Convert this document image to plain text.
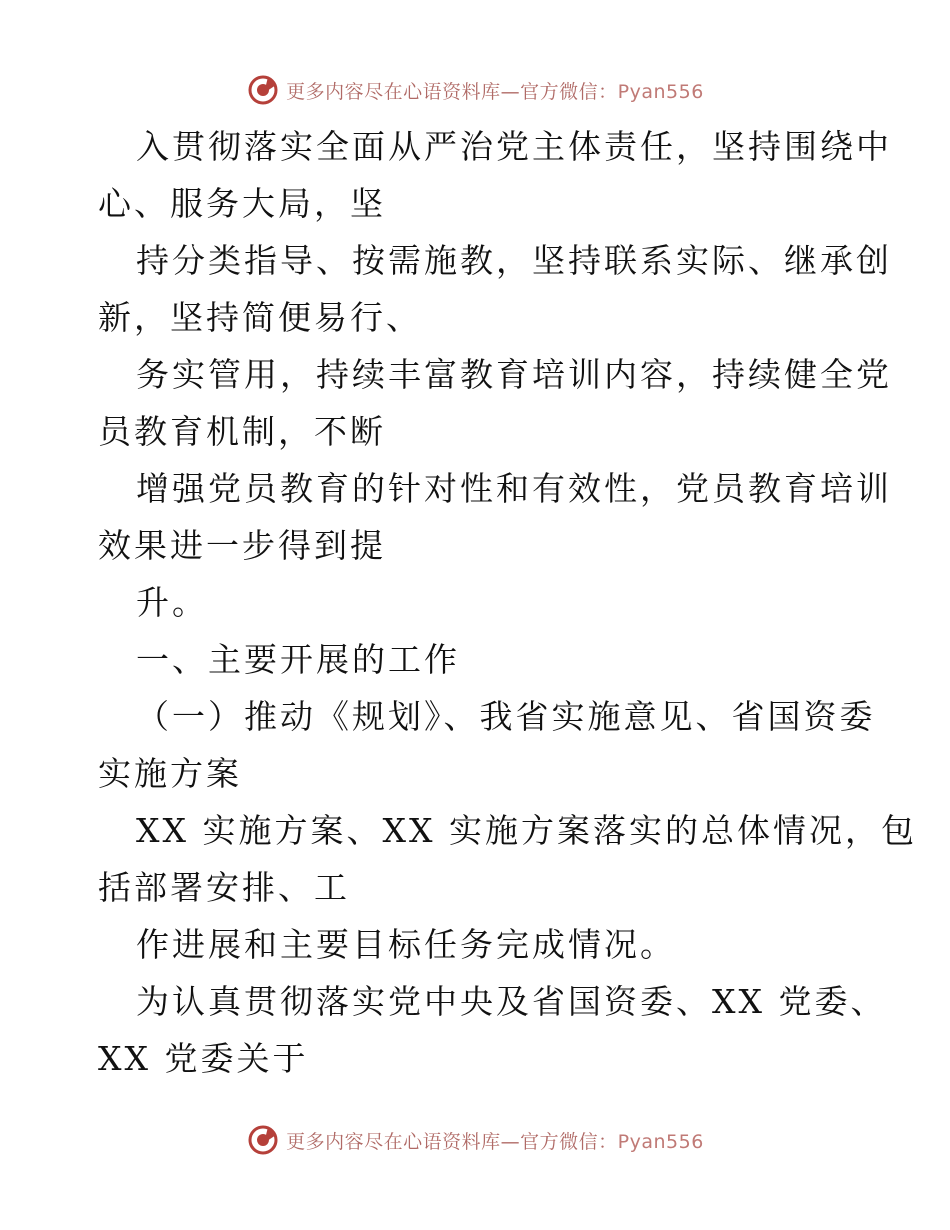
更多内容尽在心语资料库—官方微信：Pyan556

入贯彻落实全面从严治党主体责任，坚持围绕中

心、服务大局，坚

持分类指导、按需施教，坚持联系实际、继承创

新，坚持简便易行、

务实管用，持续丰富教育培训内容，持续健全党

员教育机制，不断

增强党员教育的针对性和有效性，党员教育培训

效果进一步得到提

升。

一、主要开展的工作

（一）推动《规划》、我省实施意见、省国资委

实施方案

XX 实施方案、XX 实施方案落实的总体情况，包

括部署安排、工

作进展和主要目标任务完成情况。

为认真贯彻落实党中央及省国资委、XX 党委、

XX 党委关于

更多内容尽在心语资料库—官方微信：Pyan556
